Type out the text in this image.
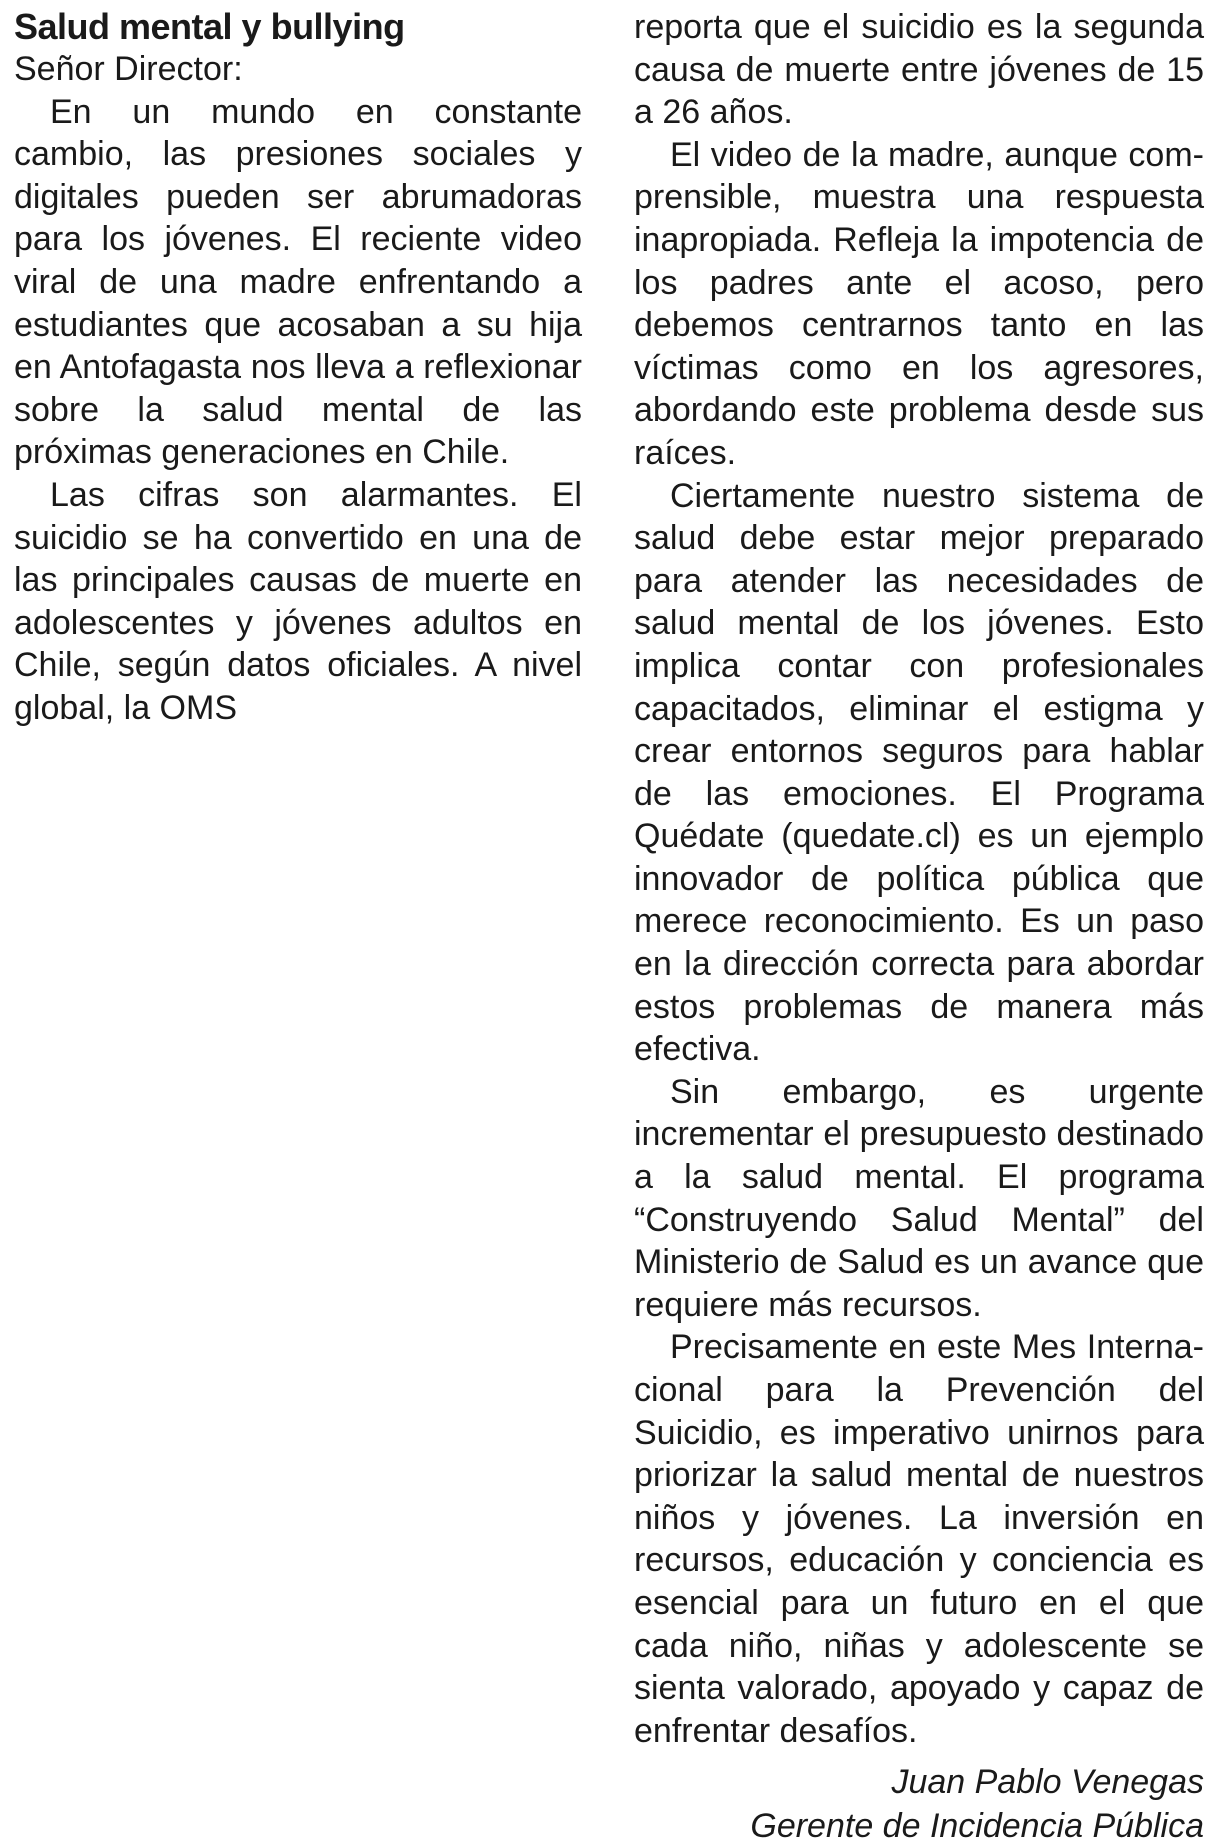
Salud mental y bullying
Señor Director:

En un mundo en constante cambio, las presiones sociales y digitales pueden ser abrumadoras para los jóvenes. El reciente video viral de una madre enfrentando a estudiantes que acosaban a su hija en Antofagasta nos lleva a reflexionar sobre la salud mental de las próximas generaciones en Chile.

Las cifras son alarmantes. El suicidio se ha convertido en una de las principales causas de muerte en adolescentes y jóvenes adultos en Chile, según datos oficiales. A nivel global, la OMS

reporta que el suicidio es la segunda causa de muerte entre jóvenes de 15 a 26 años.

El video de la madre, aunque comprensible, muestra una respuesta inapropiada. Refleja la impotencia de los padres ante el acoso, pero debemos centrarnos tanto en las víctimas como en los agresores, abordando este problema desde sus raíces.

Ciertamente nuestro sistema de salud debe estar mejor preparado para atender las necesidades de salud mental de los jóvenes. Esto implica contar con profesionales capacitados, eliminar el estigma y crear entornos seguros para hablar de las emociones. El Programa Quédate (quedate.cl) es un ejemplo innovador de política pública que merece reconocimiento. Es un paso en la dirección correcta para abordar estos problemas de manera más efectiva.

Sin embargo, es urgente incrementar el presupuesto destinado a la salud mental. El programa “Construyendo Salud Mental” del Ministerio de Salud es un avance que requiere más recursos.

Precisamente en este Mes Internacional para la Prevención del Suicidio, es imperativo unirnos para priorizar la salud mental de nuestros niños y jóvenes. La inversión en recursos, educación y conciencia es esencial para un futuro en el que cada niño, niñas y adolescente se sienta valorado, apoyado y capaz de enfrentar desafíos.

Juan Pablo Venegas
Gerente de Incidencia Pública
